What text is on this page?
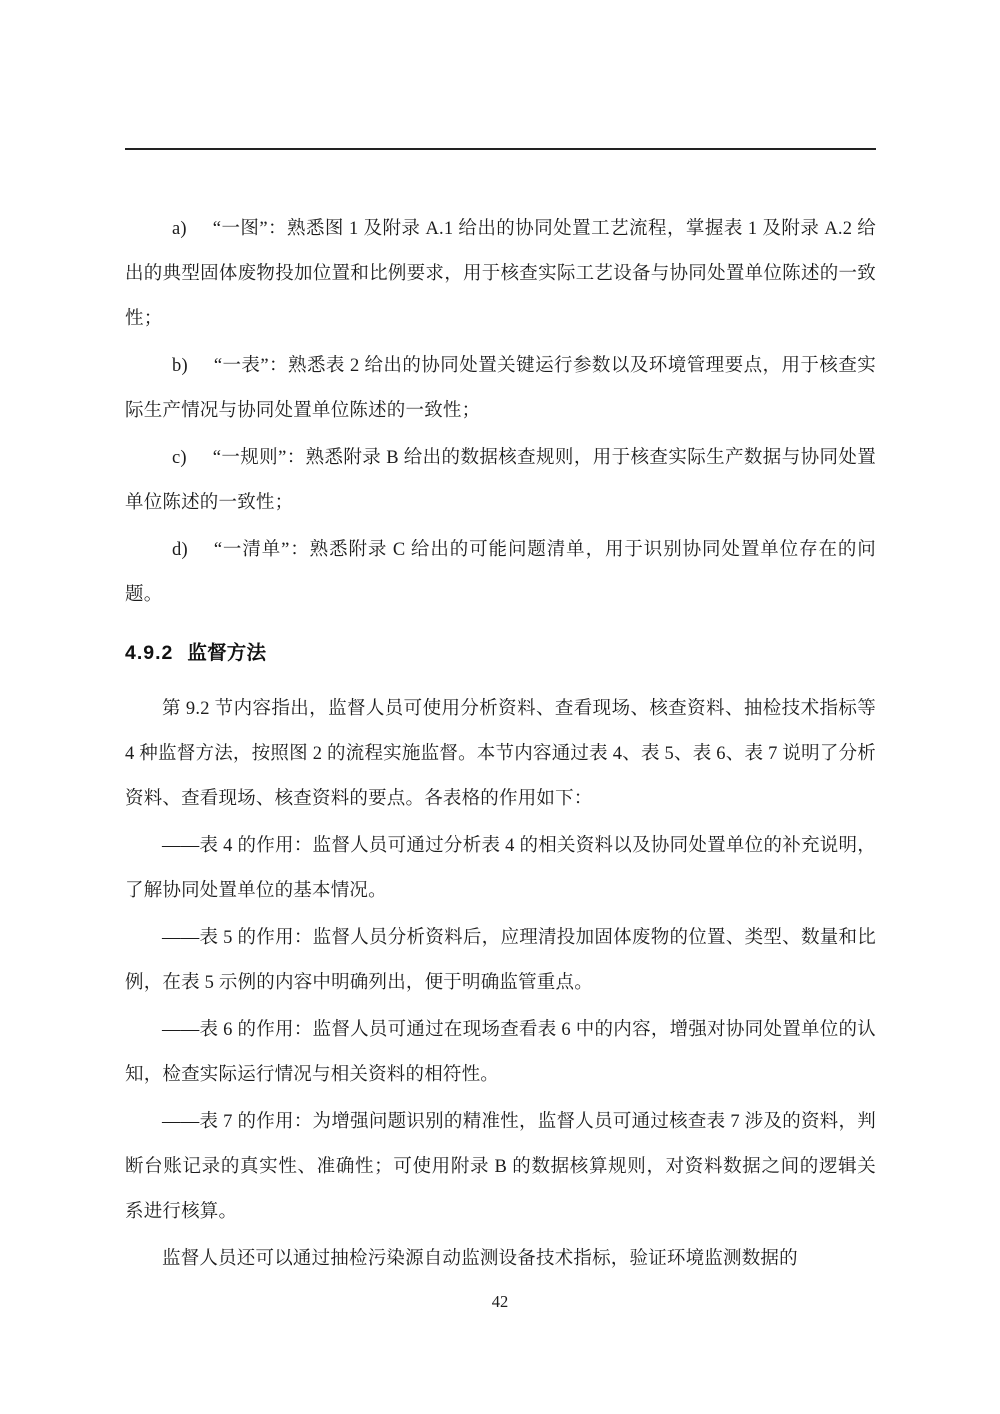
a) “一图”：熟悉图 1 及附录 A.1 给出的协同处置工艺流程，掌握表 1 及附录 A.2 给出的典型固体废物投加位置和比例要求，用于核查实际工艺设备与协同处置单位陈述的一致性；

b) “一表”：熟悉表 2 给出的协同处置关键运行参数以及环境管理要点，用于核查实际生产情况与协同处置单位陈述的一致性；

c) “一规则”：熟悉附录 B 给出的数据核查规则，用于核查实际生产数据与协同处置单位陈述的一致性；

d) “一清单”：熟悉附录 C 给出的可能问题清单，用于识别协同处置单位存在的问题。

4.9.2 监督方法

第 9.2 节内容指出，监督人员可使用分析资料、查看现场、核查资料、抽检技术指标等 4 种监督方法，按照图 2 的流程实施监督。本节内容通过表 4、表 5、表 6、表 7 说明了分析资料、查看现场、核查资料的要点。各表格的作用如下：

——表 4 的作用：监督人员可通过分析表 4 的相关资料以及协同处置单位的补充说明，了解协同处置单位的基本情况。

——表 5 的作用：监督人员分析资料后，应理清投加固体废物的位置、类型、数量和比例，在表 5 示例的内容中明确列出，便于明确监管重点。

——表 6 的作用：监督人员可通过在现场查看表 6 中的内容，增强对协同处置单位的认知，检查实际运行情况与相关资料的相符性。

——表 7 的作用：为增强问题识别的精准性，监督人员可通过核查表 7 涉及的资料，判断台账记录的真实性、准确性；可使用附录 B 的数据核算规则，对资料数据之间的逻辑关系进行核算。

监督人员还可以通过抽检污染源自动监测设备技术指标，验证环境监测数据的

42
